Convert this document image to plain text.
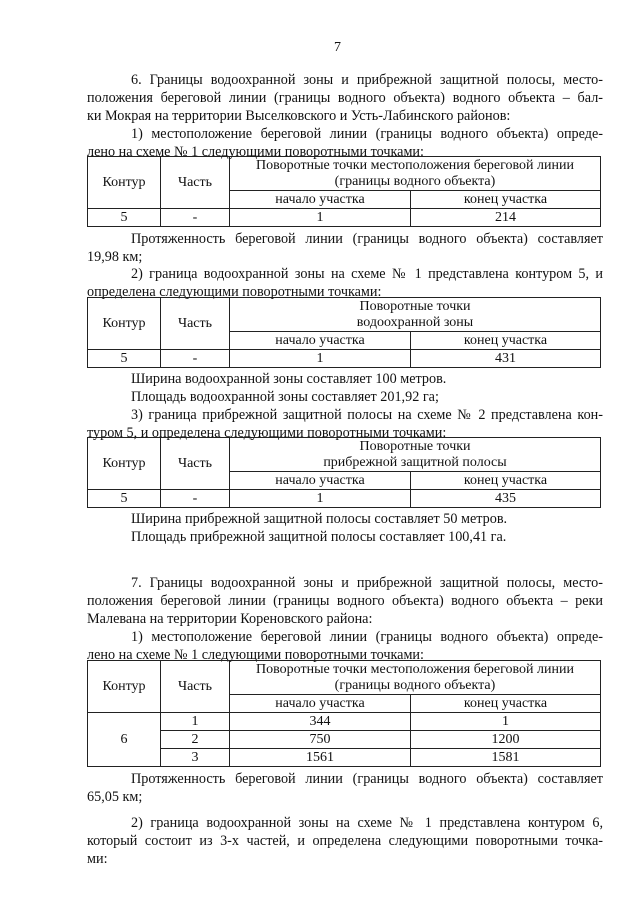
7
6. Границы водоохранной зоны и прибрежной защитной полосы, место-
положения береговой линии (границы водного объекта) водного объекта – бал-
ки Мокрая на территории Выселковского и Усть-Лабинского районов:
1) местоположение береговой линии (границы водного объекта) опреде-
лено на схеме № 1 следующими поворотными точками:
Контур	Часть	Поворотные точки местоположения береговой линии (границы водного объекта)	
		начало участка	конец участка
5	-	1	214
Протяженность береговой линии (границы водного объекта) составляет
19,98 км;
2) граница водоохранной зоны на схеме № 1 представлена контуром 5, и
определена следующими поворотными точками:
Контур	Часть	Поворотные точки
водоохранной зоны	

		начало участка	конец участка
5	-	1	431
Ширина водоохранной зоны составляет 100 метров.
Площадь водоохранной зоны составляет 201,92 га;
3) граница прибрежной защитной полосы на схеме № 2 представлена кон-
туром 5, и определена следующими поворотными точками:
Контур	Часть	Поворотные точки
прибрежной защитной полосы	

		начало участка	конец участка
5	-	1	435
Ширина прибрежной защитной полосы составляет 50 метров.
Площадь прибрежной защитной полосы составляет 100,41 га.
7. Границы водоохранной зоны и прибрежной защитной полосы, место-
положения береговой линии (границы водного объекта) водного объекта – реки
Малевана на территории Кореновского района:
1) местоположение береговой линии (границы водного объекта) опреде-
лено на схеме № 1 следующими поворотными точками:
Контур	Часть	Поворотные точки местоположения береговой линии (границы водного объекта)	
		начало участка	конец участка
6	1	344	1
	2	750	1200
	3	1561	1581
Протяженность береговой линии (границы водного объекта) составляет
65,05 км;
2) граница водоохранной зоны на схеме № 1 представлена контуром 6,
который состоит из 3-х частей, и определена следующими поворотными точка-
ми:
